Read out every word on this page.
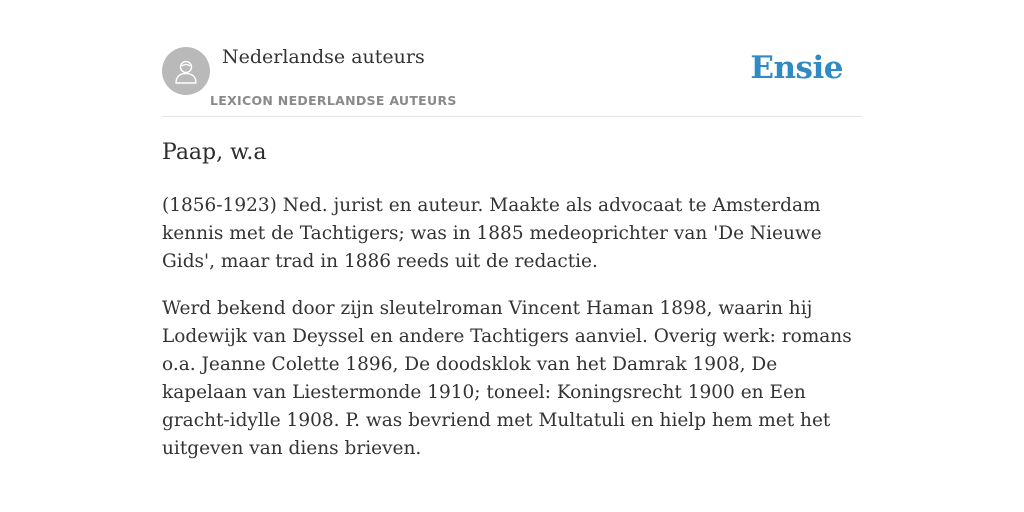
Nederlandse auteurs
LEXICON NEDERLANDSE AUTEURS
Ensie
Paap, w.a

(1856-1923) Ned. jurist en auteur. Maakte als advocaat te Amsterdam kennis met de Tachtigers; was in 1885 medeoprichter van 'De Nieuwe Gids', maar trad in 1886 reeds uit de redactie.

Werd bekend door zijn sleutelroman Vincent Haman 1898, waarin hij Lodewijk van Deyssel en andere Tachtigers aanviel. Overig werk: romans o.a. Jeanne Colette 1896, De doodsklok van het Damrak 1908, De kapelaan van Liestermonde 1910; toneel: Koningsrecht 1900 en Een gracht-idylle 1908. P. was bevriend met Multatuli en hielp hem met het uitgeven van diens brieven.
